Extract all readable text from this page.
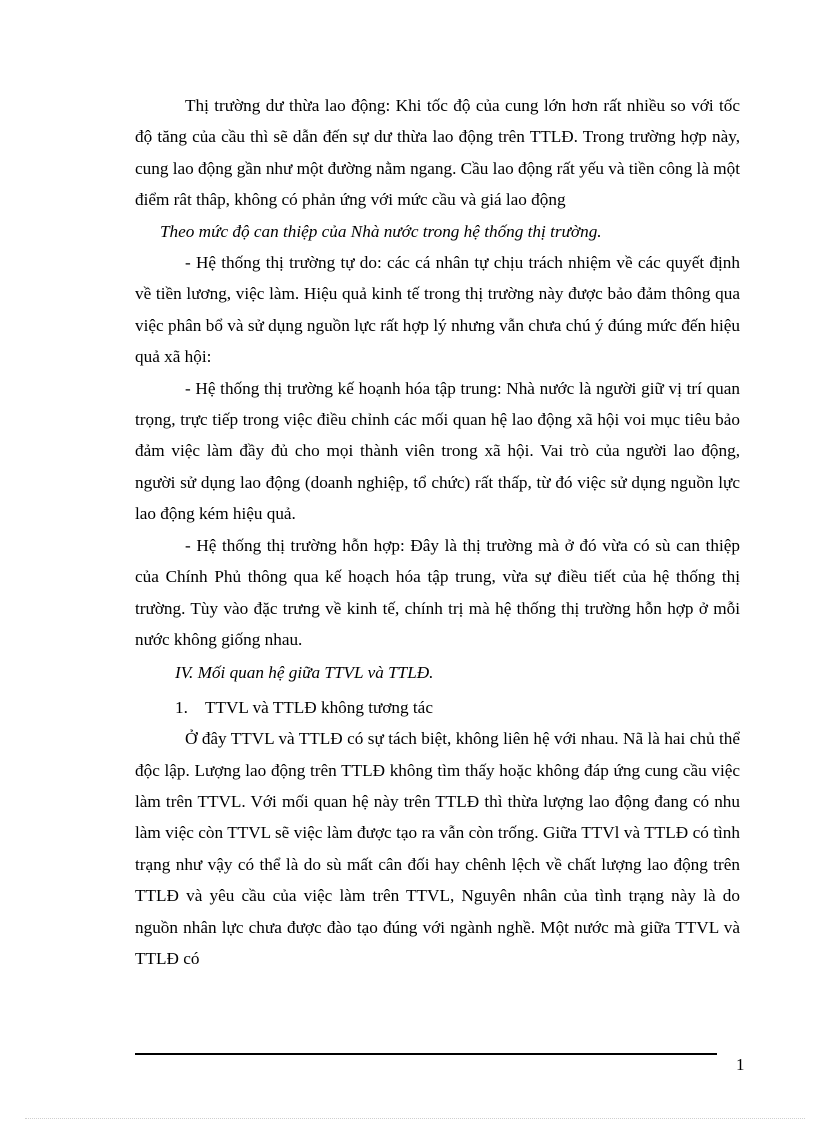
Thị trường dư thừa lao động: Khi tốc độ của cung lớn hơn rất nhiều so với tốc độ tăng của cầu thì sẽ dẫn đến sự dư thừa lao động trên TTLĐ. Trong trường hợp này, cung lao động gần như một đường nằm ngang. Cầu lao động rất yếu và tiền công là một điểm rât thâp, không có phản ứng với mức cầu và giá lao động

Theo mức độ can thiệp của Nhà nước trong hệ thống thị trường.

- Hệ thống thị trường tự do: các cá nhân tự chịu trách nhiệm về các quyết định về tiền lương, việc làm. Hiệu quả kinh tế trong thị trường này được bảo đảm thông qua việc phân bổ và sử dụng nguồn lực rất hợp lý nhưng vẫn chưa chú ý đúng mức đến hiệu quả xã hội:

- Hệ thống thị trường kế hoạnh hóa tập trung: Nhà nước là người giữ vị trí quan trọng, trực tiếp trong việc điều chỉnh các mối quan hệ lao động xã hội voi mục tiêu bảo đảm việc làm đầy đủ cho mọi thành viên trong xã hội. Vai trò của người lao động, người sử dụng lao động (doanh nghiệp, tổ chức) rất thấp, từ đó việc sử dụng nguồn lực lao động kém hiệu quả.

- Hệ thống thị trường hỗn hợp: Đây là thị trường mà ở đó vừa có sù can thiệp của Chính Phủ thông qua kế hoạch hóa tập trung, vừa sự điều tiết của hệ thống thị trường. Tùy vào đặc trưng về kinh tế, chính trị mà hệ thống thị trường hỗn hợp ở mỗi nước không giống nhau.

IV. Mối quan hệ giữa TTVL và TTLĐ.

1. TTVL và TTLĐ không tương tác

Ở đây TTVL và TTLĐ có sự tách biệt, không liên hệ với nhau. Nã là hai chủ thể độc lập. Lượng lao động trên TTLĐ không tìm thấy hoặc không đáp ứng cung cầu việc làm trên TTVL. Với mối quan hệ này trên TTLĐ thì thừa lượng lao động đang có nhu làm việc còn TTVL sẽ việc làm được tạo ra vẫn còn trống. Giữa TTVl và TTLĐ có tình trạng như vậy có thể là do sù mất cân đối hay chênh lệch về chất lượng lao động trên TTLĐ và yêu cầu của việc làm trên TTVL, Nguyên nhân của tình trạng này là do nguồn nhân lực chưa được đào tạo đúng với ngành nghề. Một nước mà giữa TTVL và TTLĐ có

1
